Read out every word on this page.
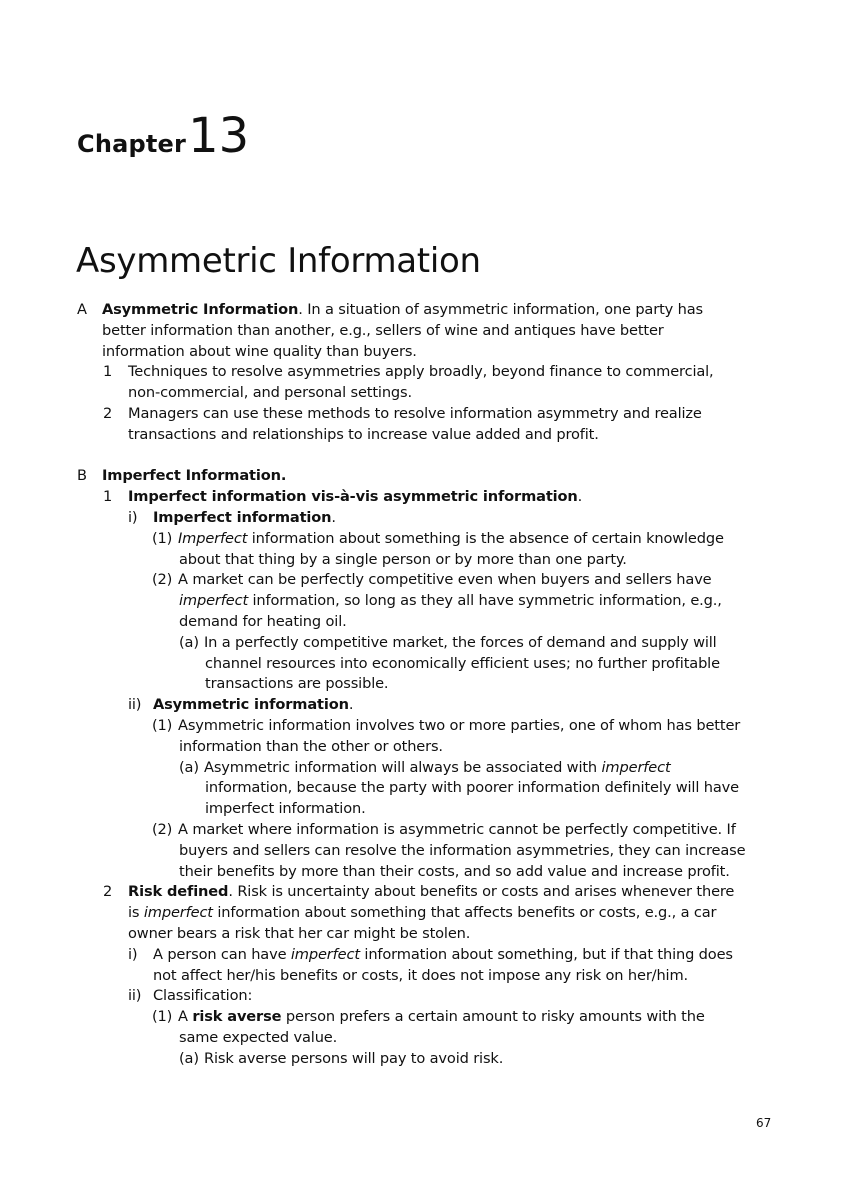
Chapter13
Asymmetric Information
A Asymmetric Information. In a situation of asymmetric information, one party has
better information than another, e.g., sellers of wine and antiques have better
information about wine quality than buyers.
1 Techniques to resolve asymmetries apply broadly, beyond finance to commercial,
non-commercial, and personal settings.
2 Managers can use these methods to resolve information asymmetry and realize
transactions and relationships to increase value added and profit.
B Imperfect Information.
1 Imperfect information vis-à-vis asymmetric information.
i) Imperfect information.
(1) Imperfect information about something is the absence of certain knowledge
about that thing by a single person or by more than one party.
(2) A market can be perfectly competitive even when buyers and sellers have
imperfect information, so long as they all have symmetric information, e.g.,
demand for heating oil.
(a) In a perfectly competitive market, the forces of demand and supply will
channel resources into economically efficient uses; no further profitable
transactions are possible.
ii) Asymmetric information.
(1) Asymmetric information involves two or more parties, one of whom has better
information than the other or others.
(a) Asymmetric information will always be associated with imperfect
information, because the party with poorer information definitely will have
imperfect information.
(2) A market where information is asymmetric cannot be perfectly competitive. If
buyers and sellers can resolve the information asymmetries, they can increase
their benefits by more than their costs, and so add value and increase profit.
2 Risk defined. Risk is uncertainty about benefits or costs and arises whenever there
is imperfect information about something that affects benefits or costs, e.g., a car
owner bears a risk that her car might be stolen.
i) A person can have imperfect information about something, but if that thing does
not affect her/his benefits or costs, it does not impose any risk on her/him.
ii) Classification:
(1) A risk averse person prefers a certain amount to risky amounts with the
same expected value.
(a) Risk averse persons will pay to avoid risk.
67
